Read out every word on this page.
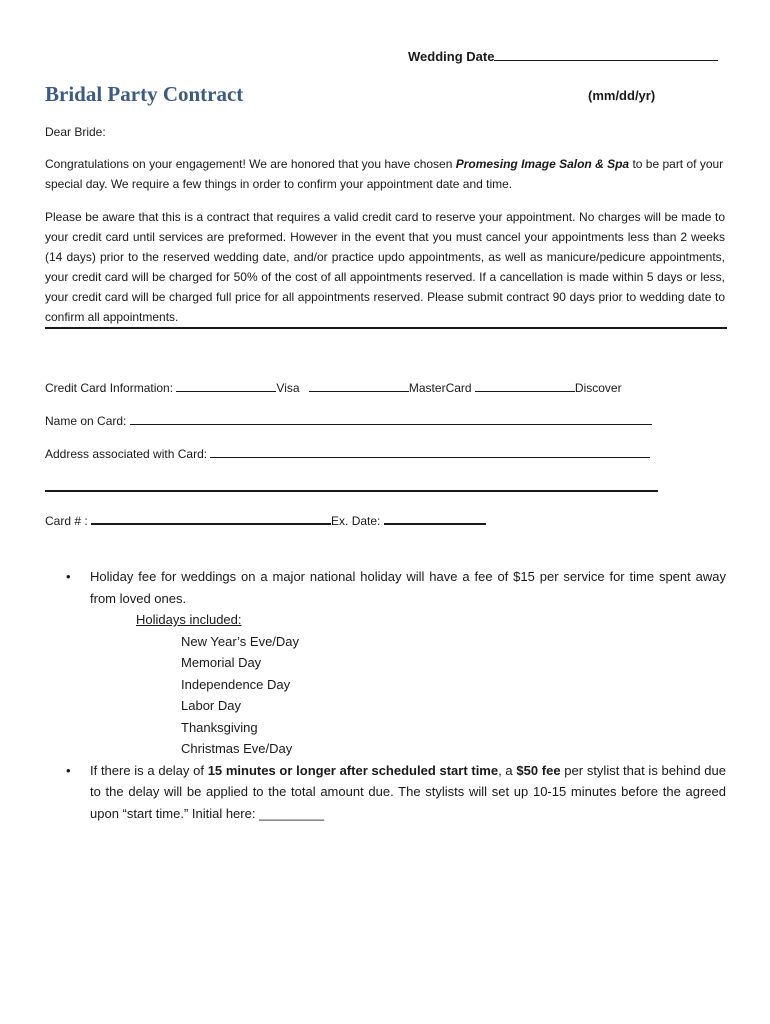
Wedding Date
Bridal Party Contract	(mm/dd/yr)

Dear Bride:

Congratulations on your engagement! We are honored that you have chosen Promesing Image Salon & Spa to be part of your special day. We require a few things in order to confirm your appointment date and time.

Please be aware that this is a contract that requires a valid credit card to reserve your appointment. No charges will be made to your credit card until services are preformed. However in the event that you must cancel your appointments less than 2 weeks (14 days) prior to the reserved wedding date, and/or practice updo appointments, as well as manicure/pedicure appointments, your credit card will be charged for 50% of the cost of all appointments reserved. If a cancellation is made within 5 days or less, your credit card will be charged full price for all appointments reserved. Please submit contract 90 days prior to wedding date to confirm all appointments.

Credit Card Information:	Visa	MasterCard	Discover
Name on Card:
Address associated with Card:
Card # :	Ex. Date:
• Holiday fee for weddings on a major national holiday will have a fee of $15 per service for time spent away from loved ones.
Holidays included:
New Year’s Eve/Day
Memorial Day
Independence Day
Labor Day
Thanksgiving
Christmas Eve/Day
• If there is a delay of 15 minutes or longer after scheduled start time, a $50 fee per stylist that is behind due to the delay will be applied to the total amount due. The stylists will set up 10-15 minutes before the agreed upon “start time.” Initial here: _________
